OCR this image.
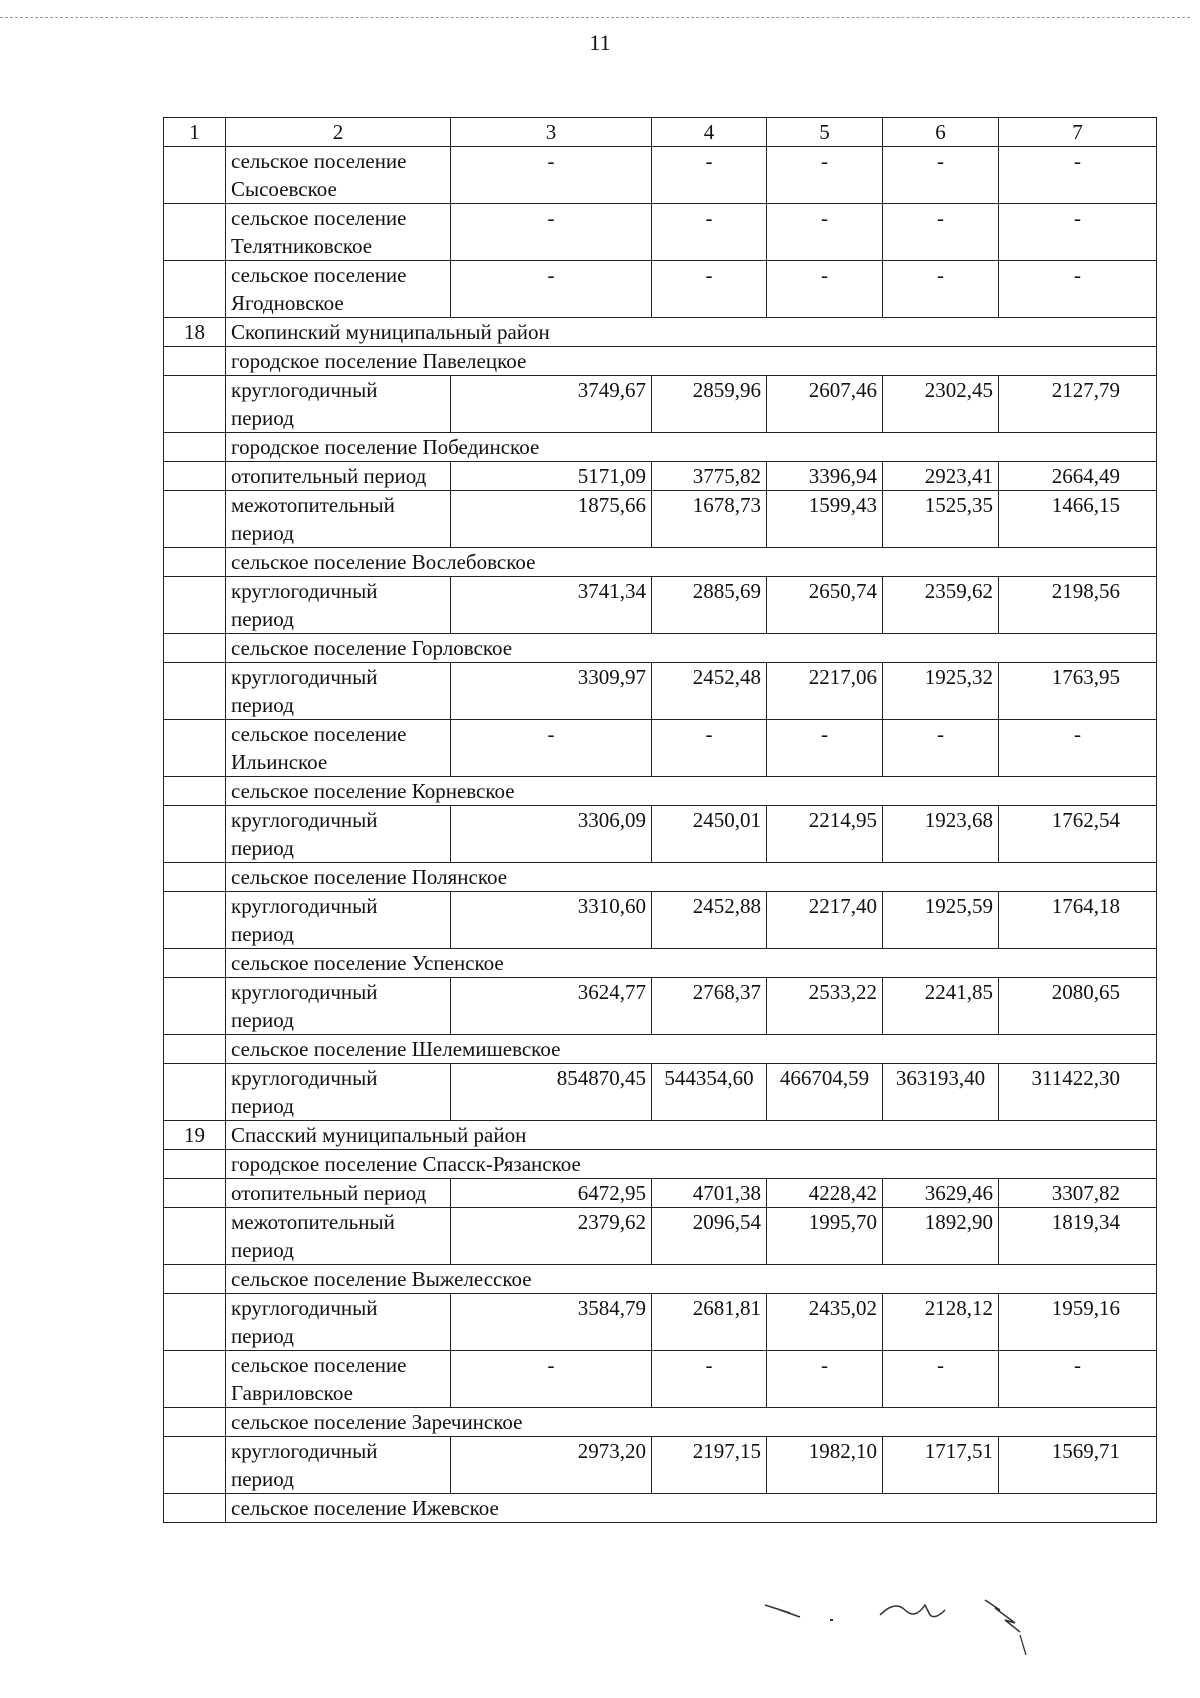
11
1	2	3	4	5	6	7
	сельское поселение Сысоевское	-	-	-	-	-
	сельское поселение Телятниковское	-	-	-	-	-
	сельское поселение Ягодновское	-	-	-	-	-
18	Скопинский муниципальный район					
	городское поселение Павелецкое					
	круглогодичный период	3749,67	2859,96	2607,46	2302,45	2127,79
	городское поселение Побединское					
	отопительный период	5171,09	3775,82	3396,94	2923,41	2664,49
	межотопительный период	1875,66	1678,73	1599,43	1525,35	1466,15
	сельское поселение Вослебовское					
	круглогодичный период	3741,34	2885,69	2650,74	2359,62	2198,56
	сельское поселение Горловское					
	круглогодичный период	3309,97	2452,48	2217,06	1925,32	1763,95
	сельское поселение Ильинское	-	-	-	-	-
	сельское поселение Корневское					
	круглогодичный период	3306,09	2450,01	2214,95	1923,68	1762,54
	сельское поселение Полянское					
	круглогодичный период	3310,60	2452,88	2217,40	1925,59	1764,18
	сельское поселение Успенское					
	круглогодичный период	3624,77	2768,37	2533,22	2241,85	2080,65
	сельское поселение Шелемишевское					
	круглогодичный период	854870,45	544354,60	466704,59	363193,40	311422,30
19	Спасский муниципальный район					
	городское поселение Спасск-Рязанское					
	отопительный период	6472,95	4701,38	4228,42	3629,46	3307,82
	межотопительный период	2379,62	2096,54	1995,70	1892,90	1819,34
	сельское поселение Выжелесское					
	круглогодичный период	3584,79	2681,81	2435,02	2128,12	1959,16
	сельское поселение Гавриловское	-	-	-	-	-
	сельское поселение Заречинское					
	круглогодичный период	2973,20	2197,15	1982,10	1717,51	1569,71
	сельское поселение Ижевское					
